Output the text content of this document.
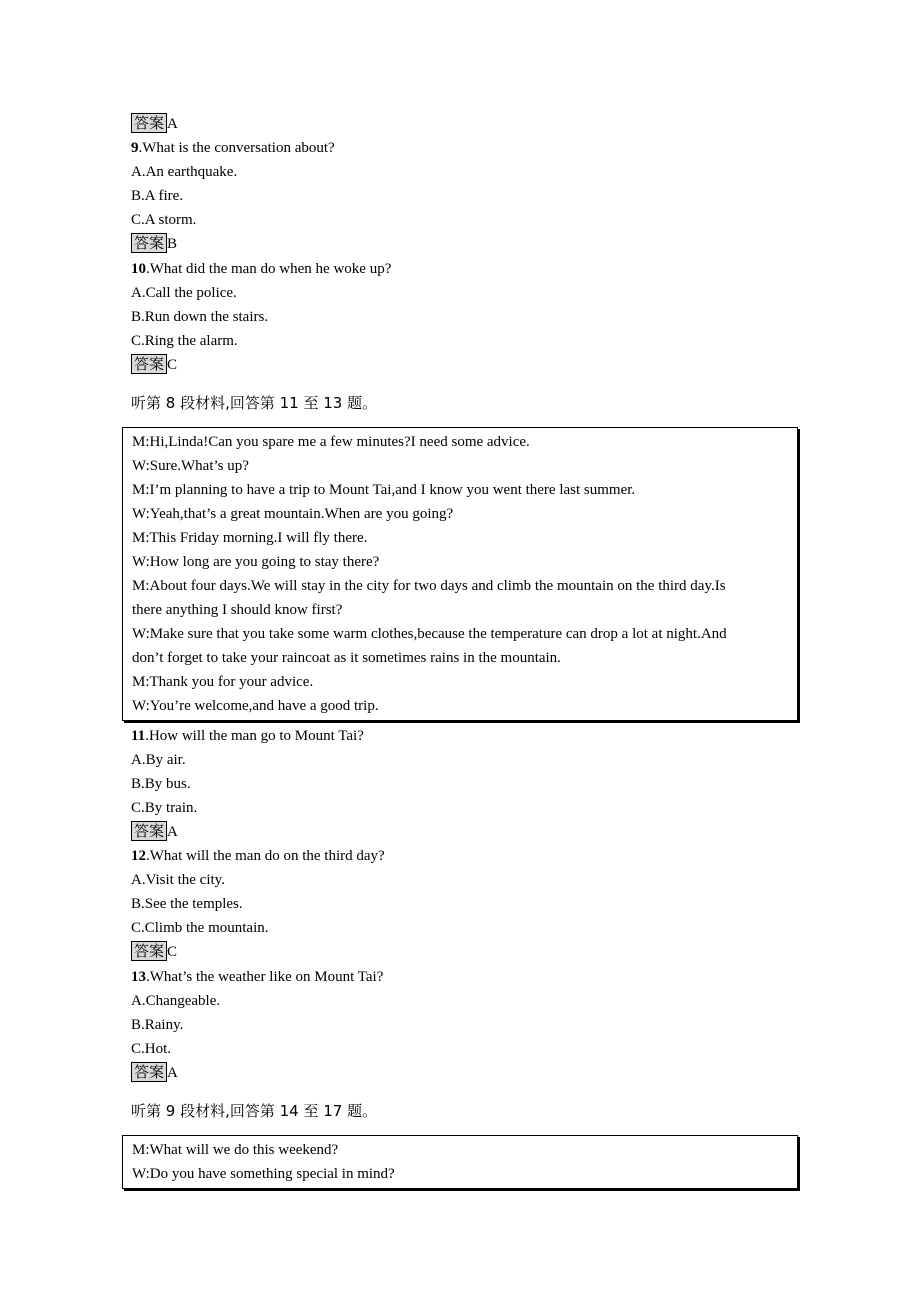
答案 A
9.What is the conversation about?
A.An earthquake.
B.A fire.
C.A storm.
答案 B
10.What did the man do when he woke up?
A.Call the police.
B.Run down the stairs.
C.Ring the alarm.
答案 C
听第 8 段材料,回答第 11 至 13 题。
M:Hi,Linda!Can you spare me a few minutes?I need some advice.
W:Sure.What’s up?
M:I’m planning to have a trip to Mount Tai,and I know you went there last summer.
W:Yeah,that’s a great mountain.When are you going?
M:This Friday morning.I will fly there.
W:How long are you going to stay there?
M:About four days.We will stay in the city for two days and climb the mountain on the third day.Is
there anything I should know first?
W:Make sure that you take some warm clothes,because the temperature can drop a lot at night.And
don’t forget to take your raincoat as it sometimes rains in the mountain.
M:Thank you for your advice.
W:You’re welcome,and have a good trip.
11.How will the man go to Mount Tai?
A.By air.
B.By bus.
C.By train.
答案 A
12.What will the man do on the third day?
A.Visit the city.
B.See the temples.
C.Climb the mountain.
答案 C
13.What’s the weather like on Mount Tai?
A.Changeable.
B.Rainy.
C.Hot.
答案 A
听第 9 段材料,回答第 14 至 17 题。
M:What will we do this weekend?
W:Do you have something special in mind?
